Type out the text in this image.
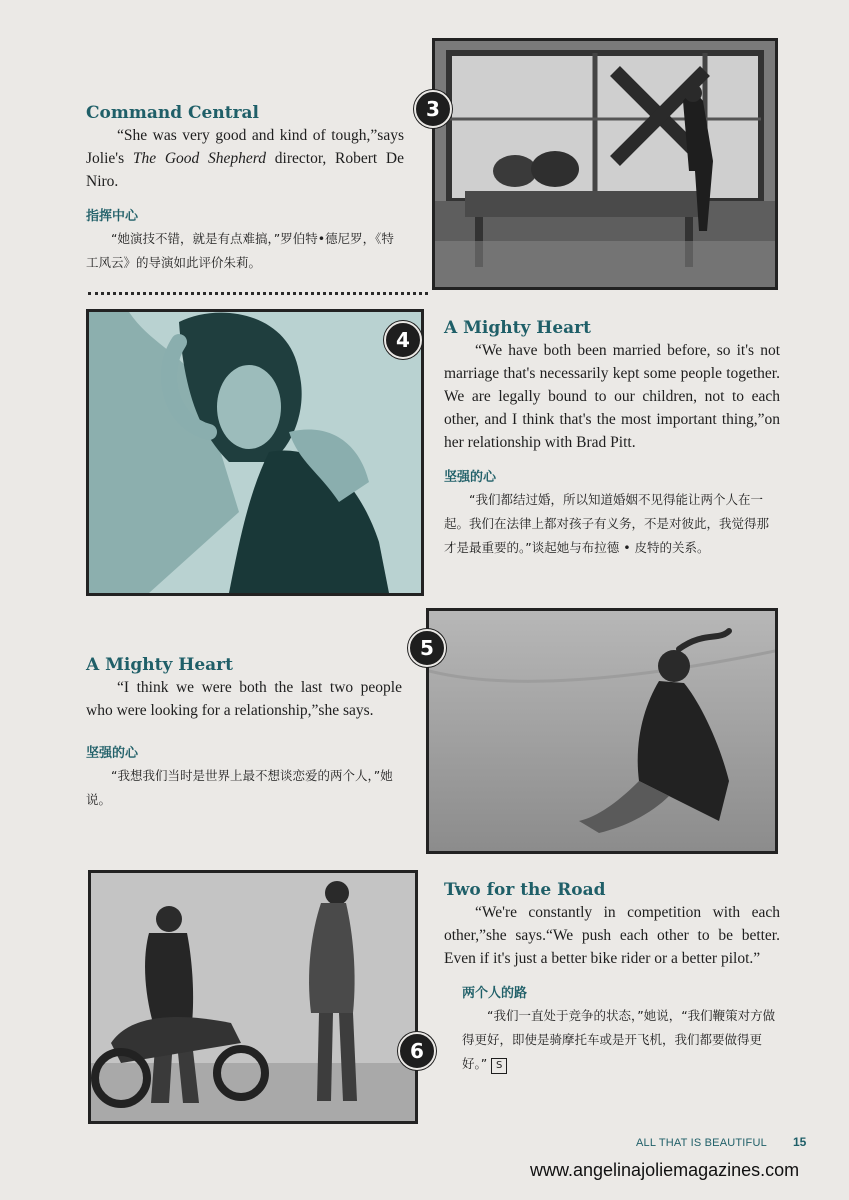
Command Central

“She was very good and kind of tough,”says Jolie's The Good Shepherd director, Robert De Niro.

指挥中心

“她演技不错，就是有点难搞，”罗伯特•德尼罗，《特工风云》的导演如此评价朱莉。

3
4	A Mighty Heart

“We have both been married before, so it's not marriage that's necessarily kept some people together. We are legally bound to our children, not to each other, and I think that's the most important thing,”on her relationship with Brad Pitt.

坚强的心

“我们都结过婚，所以知道婚姻不见得能让两个人在一起。我们在法律上都对孩子有义务，不是对彼此，我觉得那才是最重要的。”谈起她与布拉德 • 皮特的关系。

A Mighty Heart

“I think we were both the last two people who were looking for a relationship,”she says.

坚强的心

“我想我们当时是世界上最不想谈恋爱的两个人，”她说。

5
6
Two for the Road

“We're constantly in competition with each other,”she says.“We push each other to be better. Even if it's just a better bike rider or a better pilot.”

两个人的路

“我们一直处于竞争的状态，”她说，“我们鞭策对方做得更好，即使是骑摩托车或是开飞机，我们都要做得更好。” S

ALL THAT IS BEAUTIFUL 15
www.angelinajoliemagazines.com
